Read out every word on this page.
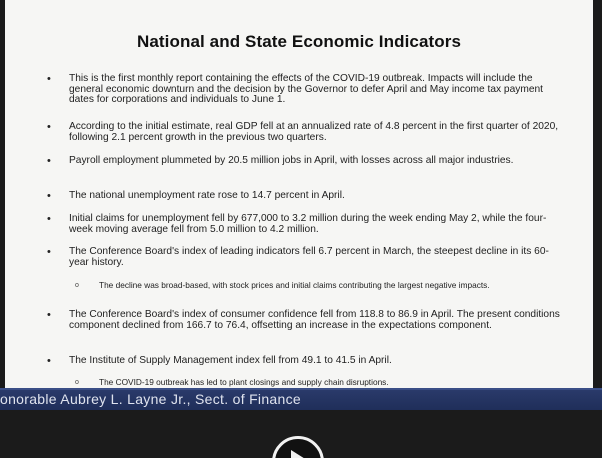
National and State Economic Indicators
• This is the first monthly report containing the effects of the COVID-19 outbreak. Impacts will include the general economic downturn and the decision by the Governor to defer April and May income tax payment dates for corporations and individuals to June 1.
• According to the initial estimate, real GDP fell at an annualized rate of 4.8 percent in the first quarter of 2020, following 2.1 percent growth in the previous two quarters.
• Payroll employment plummeted by 20.5 million jobs in April, with losses across all major industries.
• The national unemployment rate rose to 14.7 percent in April.
• Initial claims for unemployment fell by 677,000 to 3.2 million during the week ending May 2, while the four-week moving average fell from 5.0 million to 4.2 million.
• The Conference Board's index of leading indicators fell 6.7 percent in March, the steepest decline in its 60-year history.
o The decline was broad-based, with stock prices and initial claims contributing the largest negative impacts.
• The Conference Board's index of consumer confidence fell from 118.8 to 86.9 in April. The present conditions component declined from 166.7 to 76.4, offsetting an increase in the expectations component.
• The Institute of Supply Management index fell from 49.1 to 41.5 in April.
o The COVID-19 outbreak has led to plant closings and supply chain disruptions.
onorable Aubrey L. Layne Jr., Sect. of Finance
